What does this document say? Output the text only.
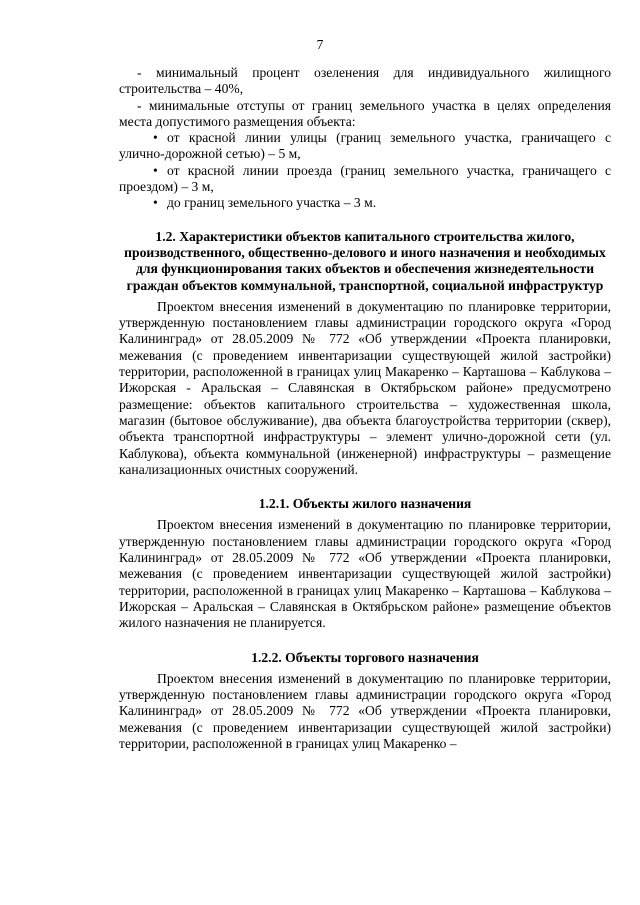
7

- минимальный процент озеленения для индивидуального жилищного строительства – 40%,

- минимальные отступы от границ земельного участка в целях определения места допустимого размещения объекта:

• от красной линии улицы (границ земельного участка, граничащего с улично-дорожной сетью) – 5 м,

• от красной линии проезда (границ земельного участка, граничащего с проездом) – 3 м,

• до границ земельного участка – 3 м.

1.2. Характеристики объектов капитального строительства жилого, производственного, общественно-делового и иного назначения и необходимых для функционирования таких объектов и обеспечения жизнедеятельности граждан объектов коммунальной, транспортной, социальной инфраструктур

Проектом внесения изменений в документацию по планировке территории, утвержденную постановлением главы администрации городского округа «Город Калининград» от 28.05.2009 № 772 «Об утверждении «Проекта планировки, межевания (с проведением инвентаризации существующей жилой застройки) территории, расположенной в границах улиц Макаренко – Карташова – Каблукова – Ижорская - Аральская – Славянская в Октябрьском районе» предусмотрено размещение: объектов капитального строительства – художественная школа, магазин (бытовое обслуживание), два объекта благоустройства территории (сквер), объекта транспортной инфраструктуры – элемент улично-дорожной сети (ул. Каблукова), объекта коммунальной (инженерной) инфраструктуры – размещение канализационных очистных сооружений.

1.2.1. Объекты жилого назначения

Проектом внесения изменений в документацию по планировке территории, утвержденную постановлением главы администрации городского округа «Город Калининград» от 28.05.2009 № 772 «Об утверждении «Проекта планировки, межевания (с проведением инвентаризации существующей жилой застройки) территории, расположенной в границах улиц Макаренко – Карташова – Каблукова – Ижорская – Аральская – Славянская в Октябрьском районе» размещение объектов жилого назначения не планируется.

1.2.2. Объекты торгового назначения

Проектом внесения изменений в документацию по планировке территории, утвержденную постановлением главы администрации городского округа «Город Калининград» от 28.05.2009 № 772 «Об утверждении «Проекта планировки, межевания (с проведением инвентаризации существующей жилой застройки) территории, расположенной в границах улиц Макаренко –
